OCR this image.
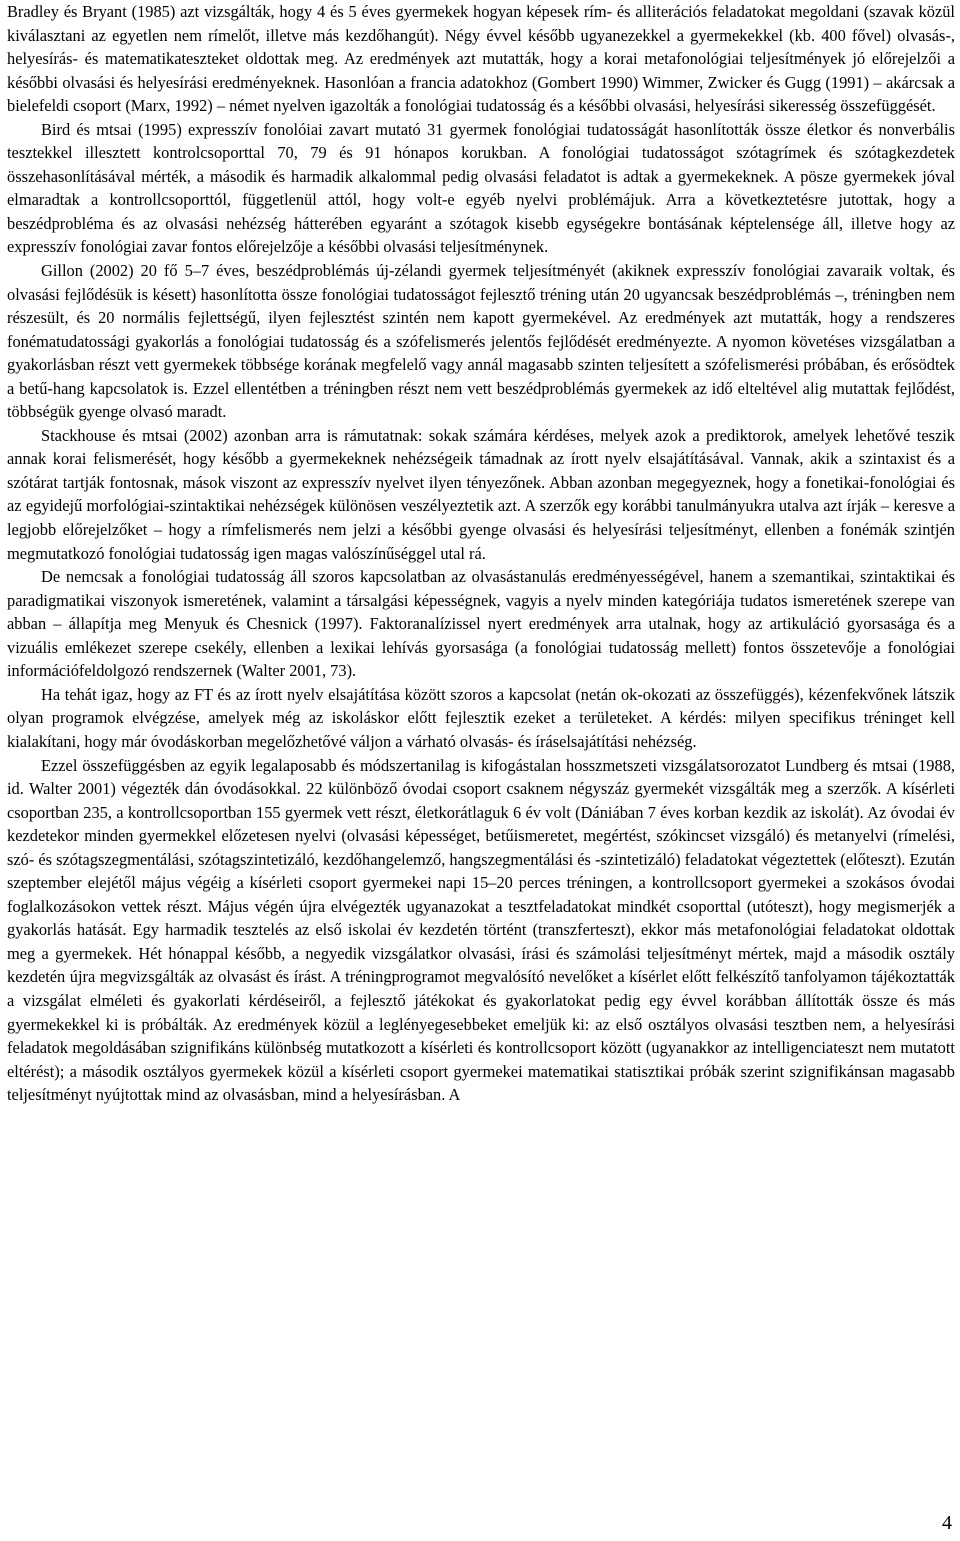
Bradley és Bryant (1985) azt vizsgálták, hogy 4 és 5 éves gyermekek hogyan képesek rím- és alliterációs feladatokat megoldani (szavak közül kiválasztani az egyetlen nem rímelőt, illetve más kezdőhangút). Négy évvel később ugyanezekkel a gyermekekkel (kb. 400 fővel) olvasás-, helyesírás- és matematikateszteket oldottak meg. Az eredmények azt mutatták, hogy a korai metafonológiai teljesítmények jó előrejelzői a későbbi olvasási és helyesírási eredményeknek. Hasonlóan a francia adatokhoz (Gombert 1990) Wimmer, Zwicker és Gugg (1991) – akárcsak a bielefeldi csoport (Marx, 1992) – német nyelven igazolták a fonológiai tudatosság és a későbbi olvasási, helyesírási sikeresség összefüggését.

Bird és mtsai (1995) expresszív fonolóiai zavart mutató 31 gyermek fonológiai tudatosságát hasonlították össze életkor és nonverbális tesztekkel illesztett kontrolcsoporttal 70, 79 és 91 hónapos korukban. A fonológiai tudatosságot szótagrímek és szótagkezdetek összehasonlításával mérték, a második és harmadik alkalommal pedig olvasási feladatot is adtak a gyermekeknek. A pösze gyermekek jóval elmaradtak a kontrollcsoporttól, függetlenül attól, hogy volt-e egyéb nyelvi problémájuk. Arra a következtetésre jutottak, hogy a beszédprobléma és az olvasási nehézség hátterében egyaránt a szótagok kisebb egységekre bontásának képtelensége áll, illetve hogy az expresszív fonológiai zavar fontos előrejelzője a későbbi olvasási teljesítménynek.

Gillon (2002) 20 fő 5–7 éves, beszédproblémás új-zélandi gyermek teljesítményét (akiknek expresszív fonológiai zavaraik voltak, és olvasási fejlődésük is késett) hasonlította össze fonológiai tudatosságot fejlesztő tréning után 20 ugyancsak beszédproblémás –, tréningben nem részesült, és 20 normális fejlettségű, ilyen fejlesztést szintén nem kapott gyermekével. Az eredmények azt mutatták, hogy a rendszeres fonématudatossági gyakorlás a fonológiai tudatosság és a szófelismerés jelentős fejlődését eredményezte. A nyomon követéses vizsgálatban a gyakorlásban részt vett gyermekek többsége korának megfelelő vagy annál magasabb szinten teljesített a szófelismerési próbában, és erősödtek a betű-hang kapcsolatok is. Ezzel ellentétben a tréningben részt nem vett beszédproblémás gyermekek az idő elteltével alig mutattak fejlődést, többségük gyenge olvasó maradt.

Stackhouse és mtsai (2002) azonban arra is rámutatnak: sokak számára kérdéses, melyek azok a prediktorok, amelyek lehetővé teszik annak korai felismerését, hogy később a gyermekeknek nehézségeik támadnak az írott nyelv elsajátításával. Vannak, akik a szintaxist és a szótárat tartják fontosnak, mások viszont az expresszív nyelvet ilyen tényezőnek. Abban azonban megegyeznek, hogy a fonetikai-fonológiai és az egyidejű morfológiai-szintaktikai nehézségek különösen veszélyeztetik azt. A szerzők egy korábbi tanulmányukra utalva azt írják – keresve a legjobb előrejelzőket – hogy a rímfelismerés nem jelzi a későbbi gyenge olvasási és helyesírási teljesítményt, ellenben a fonémák szintjén megmutatkozó fonológiai tudatosság igen magas valószínűséggel utal rá.

De nemcsak a fonológiai tudatosság áll szoros kapcsolatban az olvasástanulás eredményességével, hanem a szemantikai, szintaktikai és paradigmatikai viszonyok ismeretének, valamint a társalgási képességnek, vagyis a nyelv minden kategóriája tudatos ismeretének szerepe van abban – állapítja meg Menyuk és Chesnick (1997). Faktoranalízissel nyert eredmények arra utalnak, hogy az artikuláció gyorsasága és a vizuális emlékezet szerepe csekély, ellenben a lexikai lehívás gyorsasága (a fonológiai tudatosság mellett) fontos összetevője a fonológiai információfeldolgozó rendszernek (Walter 2001, 73).

Ha tehát igaz, hogy az FT és az írott nyelv elsajátítása között szoros a kapcsolat (netán ok-okozati az összefüggés), kézenfekvőnek látszik olyan programok elvégzése, amelyek még az iskoláskor előtt fejlesztik ezeket a területeket. A kérdés: milyen specifikus tréninget kell kialakítani, hogy már óvodáskorban megelőzhetővé váljon a várható olvasás- és íráselsajátítási nehézség.

Ezzel összefüggésben az egyik legalaposabb és módszertanilag is kifogástalan hosszmetszeti vizsgálatsorozatot Lundberg és mtsai (1988, id. Walter 2001) végezték dán óvodásokkal. 22 különböző óvodai csoport csaknem négyszáz gyermekét vizsgálták meg a szerzők. A kísérleti csoportban 235, a kontrollcsoportban 155 gyermek vett részt, életkorátlaguk 6 év volt (Dániában 7 éves korban kezdik az iskolát). Az óvodai év kezdetekor minden gyermekkel előzetesen nyelvi (olvasási képességet, betűismeretet, megértést, szókincset vizsgáló) és metanyelvi (rímelési, szó- és szótagszegmentálási, szótagszintetizáló, kezdőhangelemző, hangszegmentálási és -szintetizáló) feladatokat végeztettek (előteszt). Ezután szeptember elejétől május végéig a kísérleti csoport gyermekei napi 15–20 perces tréningen, a kontrollcsoport gyermekei a szokásos óvodai foglalkozásokon vettek részt. Május végén újra elvégezték ugyanazokat a tesztfeladatokat mindkét csoporttal (utóteszt), hogy megismerjék a gyakorlás hatását. Egy harmadik tesztelés az első iskolai év kezdetén történt (transzferteszt), ekkor más metafonológiai feladatokat oldottak meg a gyermekek. Hét hónappal később, a negyedik vizsgálatkor olvasási, írási és számolási teljesítményt mértek, majd a második osztály kezdetén újra megvizsgálták az olvasást és írást. A tréningprogramot megvalósító nevelőket a kísérlet előtt felkészítő tanfolyamon tájékoztatták a vizsgálat elméleti és gyakorlati kérdéseiről, a fejlesztő játékokat és gyakorlatokat pedig egy évvel korábban állították össze és más gyermekekkel ki is próbálták. Az eredmények közül a leglényegesebbeket emeljük ki: az első osztályos olvasási tesztben nem, a helyesírási feladatok megoldásában szignifikáns különbség mutatkozott a kísérleti és kontrollcsoport között (ugyanakkor az intelligenciateszt nem mutatott eltérést); a második osztályos gyermekek közül a kísérleti csoport gyermekei matematikai statisztikai próbák szerint szignifikánsan magasabb teljesítményt nyújtottak mind az olvasásban, mind a helyesírásban. A

4
